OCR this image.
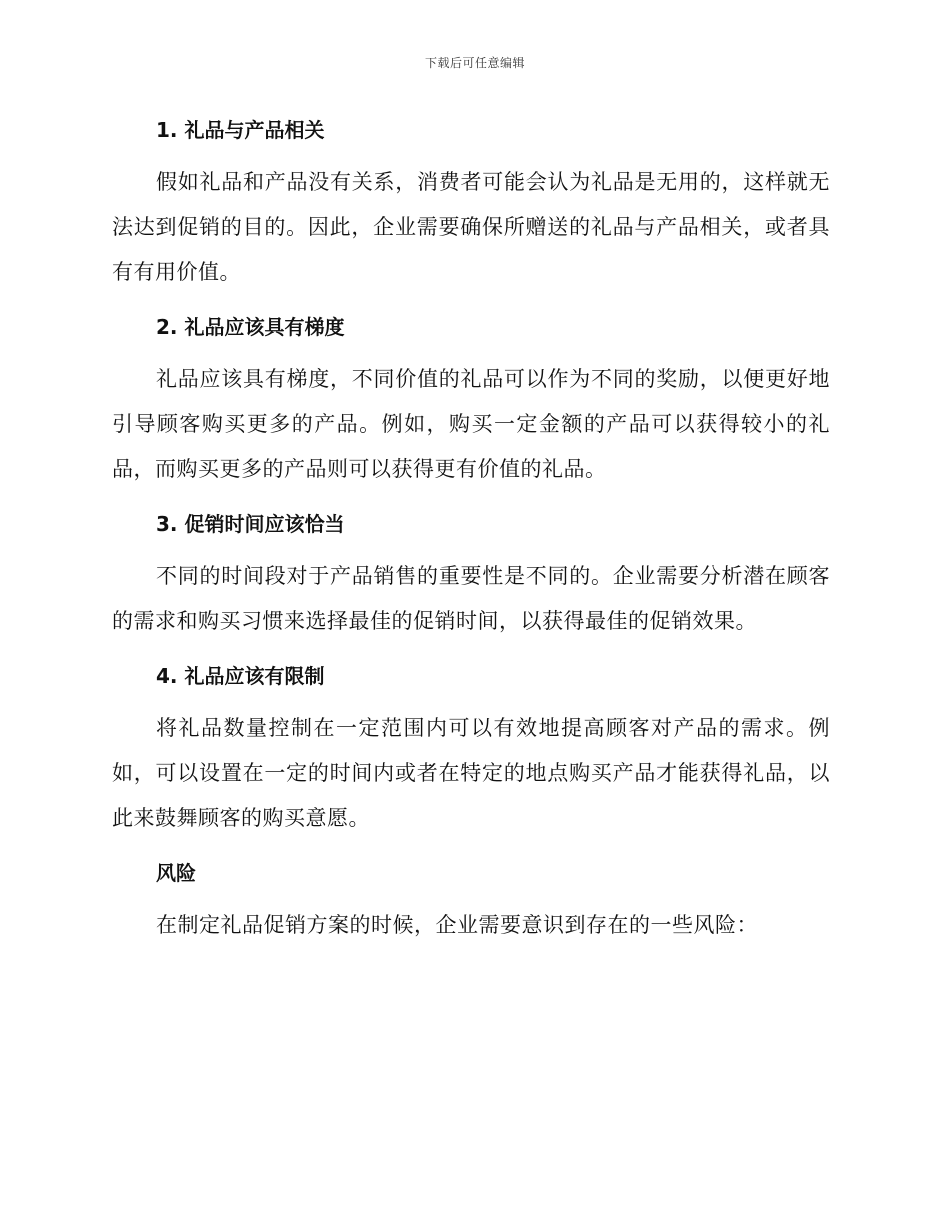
下载后可任意编辑
1. 礼品与产品相关

假如礼品和产品没有关系，消费者可能会认为礼品是无用的，这样就无法达到促销的目的。因此，企业需要确保所赠送的礼品与产品相关，或者具有有用价值。

2. 礼品应该具有梯度

礼品应该具有梯度，不同价值的礼品可以作为不同的奖励，以便更好地引导顾客购买更多的产品。例如，购买一定金额的产品可以获得较小的礼品，而购买更多的产品则可以获得更有价值的礼品。

3. 促销时间应该恰当

不同的时间段对于产品销售的重要性是不同的。企业需要分析潜在顾客的需求和购买习惯来选择最佳的促销时间，以获得最佳的促销效果。

4. 礼品应该有限制

将礼品数量控制在一定范围内可以有效地提高顾客对产品的需求。例如，可以设置在一定的时间内或者在特定的地点购买产品才能获得礼品，以此来鼓舞顾客的购买意愿。

风险

在制定礼品促销方案的时候，企业需要意识到存在的一些风险：
